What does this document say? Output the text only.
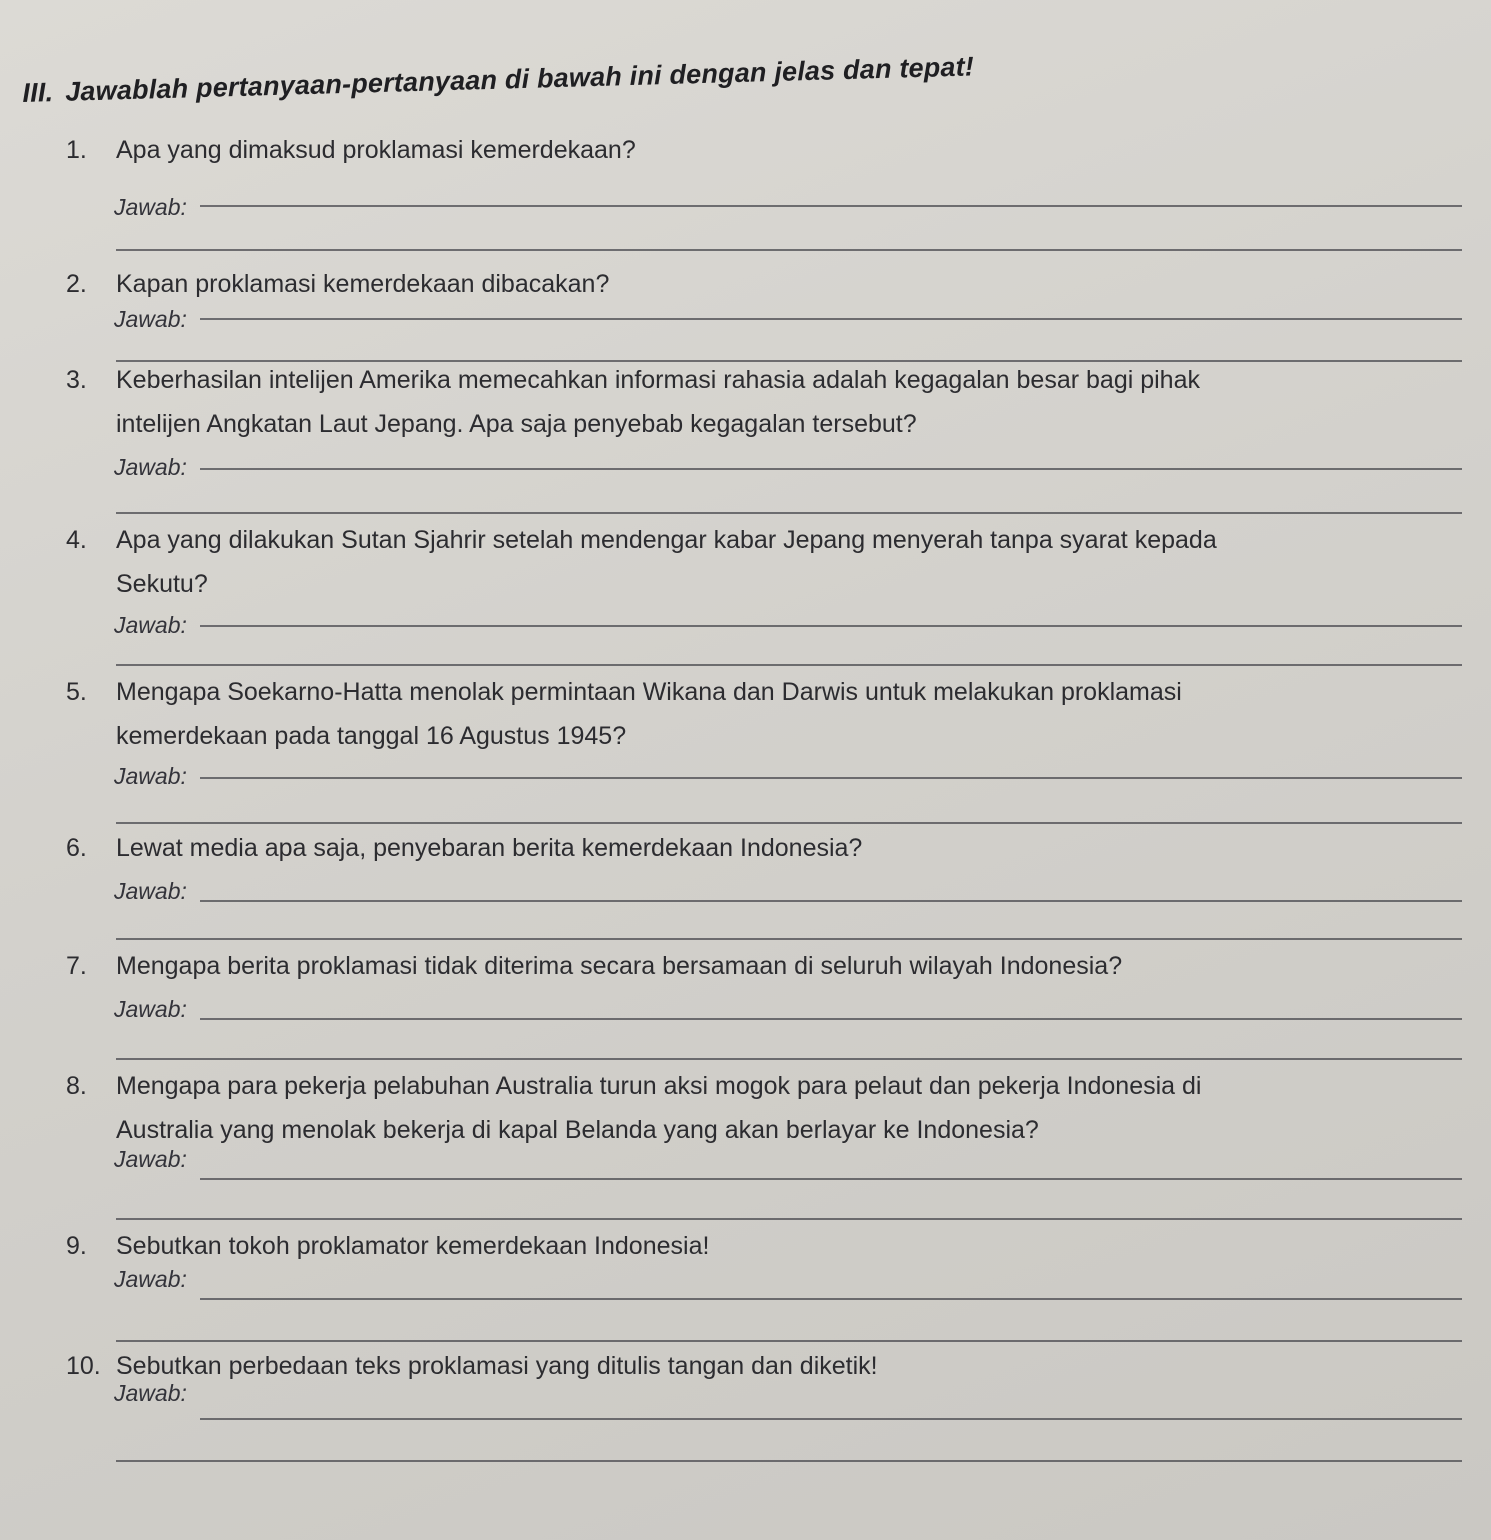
III. Jawablah pertanyaan-pertanyaan di bawah ini dengan jelas dan tepat!
1. Apa yang dimaksud proklamasi kemerdekaan?
Jawab:
2. Kapan proklamasi kemerdekaan dibacakan?
Jawab:
3. Keberhasilan intelijen Amerika memecahkan informasi rahasia adalah kegagalan besar bagi pihak
intelijen Angkatan Laut Jepang. Apa saja penyebab kegagalan tersebut?
Jawab:
4. Apa yang dilakukan Sutan Sjahrir setelah mendengar kabar Jepang menyerah tanpa syarat kepada
Sekutu?
Jawab:
5. Mengapa Soekarno-Hatta menolak permintaan Wikana dan Darwis untuk melakukan proklamasi
kemerdekaan pada tanggal 16 Agustus 1945?
Jawab:
6. Lewat media apa saja, penyebaran berita kemerdekaan Indonesia?
Jawab:
7. Mengapa berita proklamasi tidak diterima secara bersamaan di seluruh wilayah Indonesia?
Jawab:
8. Mengapa para pekerja pelabuhan Australia turun aksi mogok para pelaut dan pekerja Indonesia di
Australia yang menolak bekerja di kapal Belanda yang akan berlayar ke Indonesia?
Jawab:
9. Sebutkan tokoh proklamator kemerdekaan Indonesia!
Jawab:
10. Sebutkan perbedaan teks proklamasi yang ditulis tangan dan diketik!
Jawab:
